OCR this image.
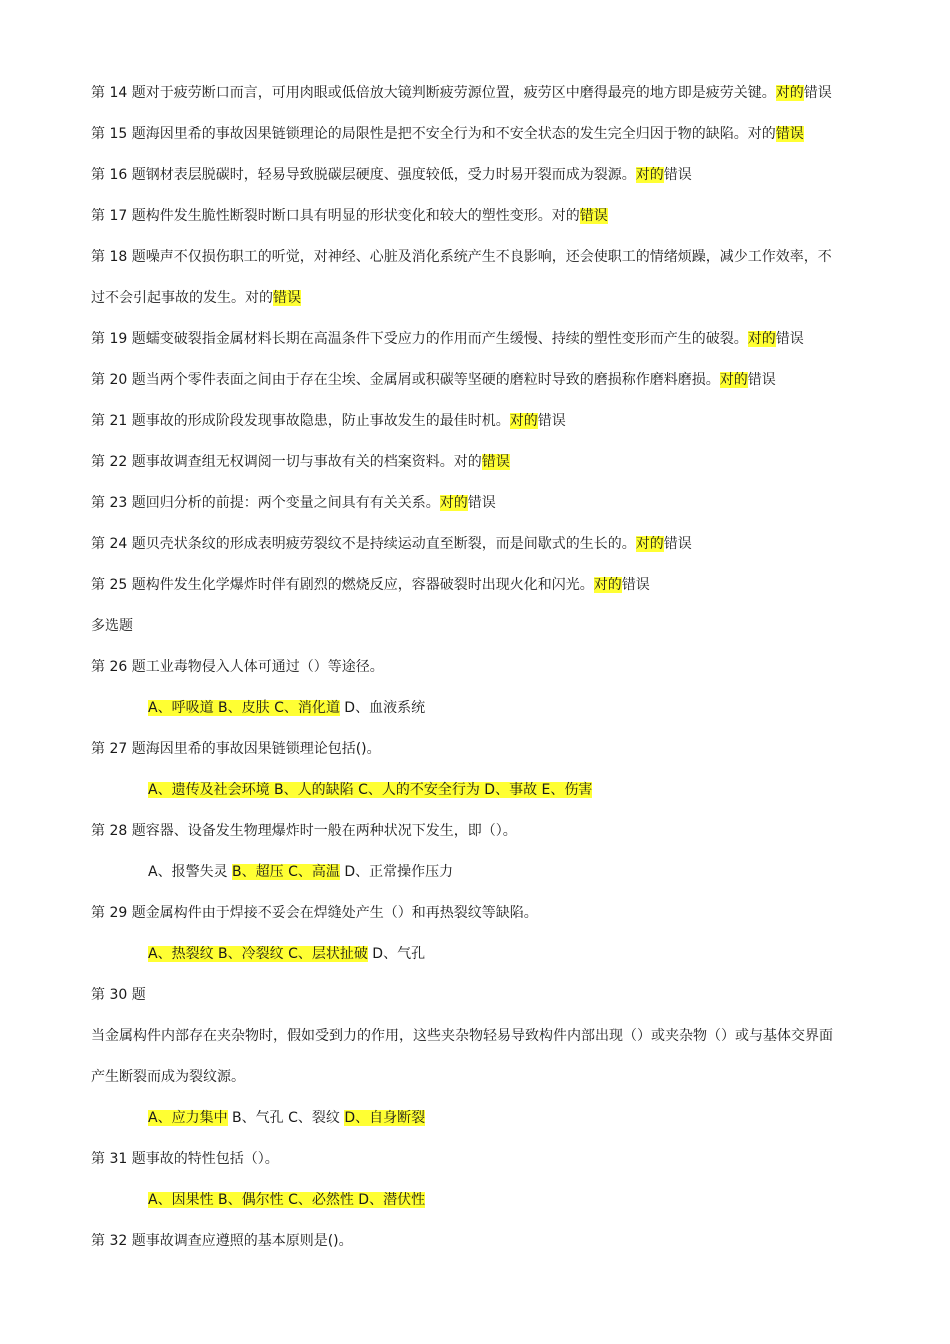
第 14 题对于疲劳断口而言，可用肉眼或低倍放大镜判断疲劳源位置，疲劳区中磨得最亮的地方即是疲劳关键。对的错误
第 15 题海因里希的事故因果链锁理论的局限性是把不安全行为和不安全状态的发生完全归因于物的缺陷。对的错误
第 16 题钢材表层脱碳时，轻易导致脱碳层硬度、强度较低，受力时易开裂而成为裂源。对的错误
第 17 题构件发生脆性断裂时断口具有明显的形状变化和较大的塑性变形。对的错误
第 18 题噪声不仅损伤职工的听觉，对神经、心脏及消化系统产生不良影响，还会使职工的情绪烦躁，减少工作效率，不
过不会引起事故的发生。对的错误
第 19 题蠕变破裂指金属材料长期在高温条件下受应力的作用而产生缓慢、持续的塑性变形而产生的破裂。对的错误
第 20 题当两个零件表面之间由于存在尘埃、金属屑或积碳等坚硬的磨粒时导致的磨损称作磨料磨损。对的错误
第 21 题事故的形成阶段发现事故隐患，防止事故发生的最佳时机。对的错误
第 22 题事故调查组无权调阅一切与事故有关的档案资料。对的错误
第 23 题回归分析的前提：两个变量之间具有有关关系。对的错误
第 24 题贝壳状条纹的形成表明疲劳裂纹不是持续运动直至断裂，而是间歇式的生长的。对的错误
第 25 题构件发生化学爆炸时伴有剧烈的燃烧反应，容器破裂时出现火化和闪光。对的错误
多选题
第 26 题工业毒物侵入人体可通过（）等途径。
A、呼吸道 B、皮肤 C、消化道 D、血液系统
第 27 题海因里希的事故因果链锁理论包括()。
A、遗传及社会环境 B、人的缺陷 C、人的不安全行为 D、事故 E、伤害
第 28 题容器、设备发生物理爆炸时一般在两种状况下发生，即（）。
A、报警失灵 B、超压 C、高温 D、正常操作压力
第 29 题金属构件由于焊接不妥会在焊缝处产生（）和再热裂纹等缺陷。
A、热裂纹 B、冷裂纹 C、层状扯破 D、气孔
第 30 题
当金属构件内部存在夹杂物时，假如受到力的作用，这些夹杂物轻易导致构件内部出现（）或夹杂物（）或与基体交界面
产生断裂而成为裂纹源。
A、应力集中 B、气孔 C、裂纹 D、自身断裂
第 31 题事故的特性包括（）。
A、因果性 B、偶尔性 C、必然性 D、潜伏性
第 32 题事故调查应遵照的基本原则是()。
